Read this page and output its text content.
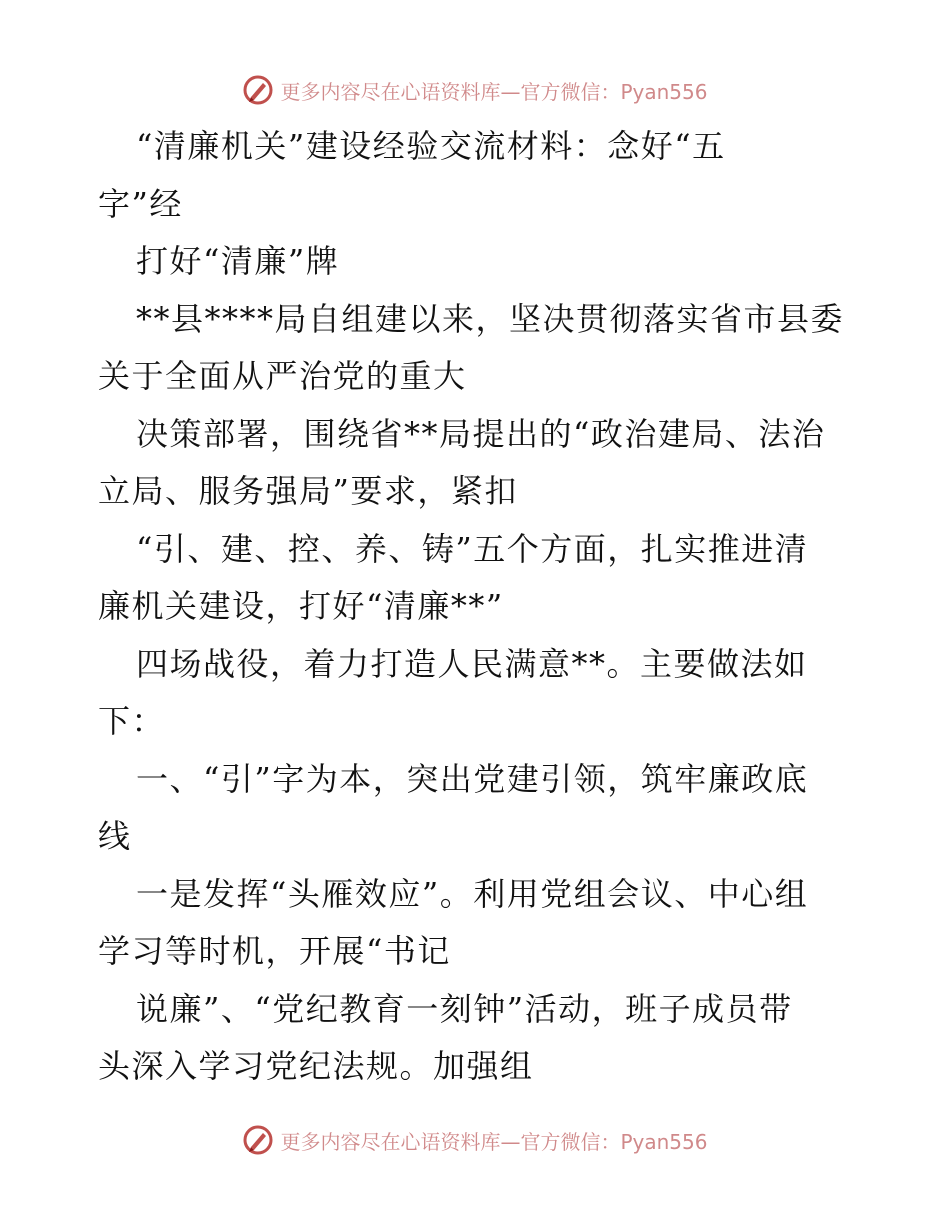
更多内容尽在心语资料库—官方微信：Pyan556
“清廉机关”建设经验交流材料：念好“五
字”经
打好“清廉”牌
**县****局自组建以来，坚决贯彻落实省市县委
关于全面从严治党的重大
决策部署，围绕省**局提出的“政治建局、法治
立局、服务强局”要求，紧扣
“引、建、控、养、铸”五个方面，扎实推进清
廉机关建设，打好“清廉**”
四场战役，着力打造人民满意**。主要做法如
下：
一、“引”字为本，突出党建引领，筑牢廉政底
线
一是发挥“头雁效应”。利用党组会议、中心组
学习等时机，开展“书记
说廉”、“党纪教育一刻钟”活动，班子成员带
头深入学习党纪法规。加强组
更多内容尽在心语资料库—官方微信：Pyan556
